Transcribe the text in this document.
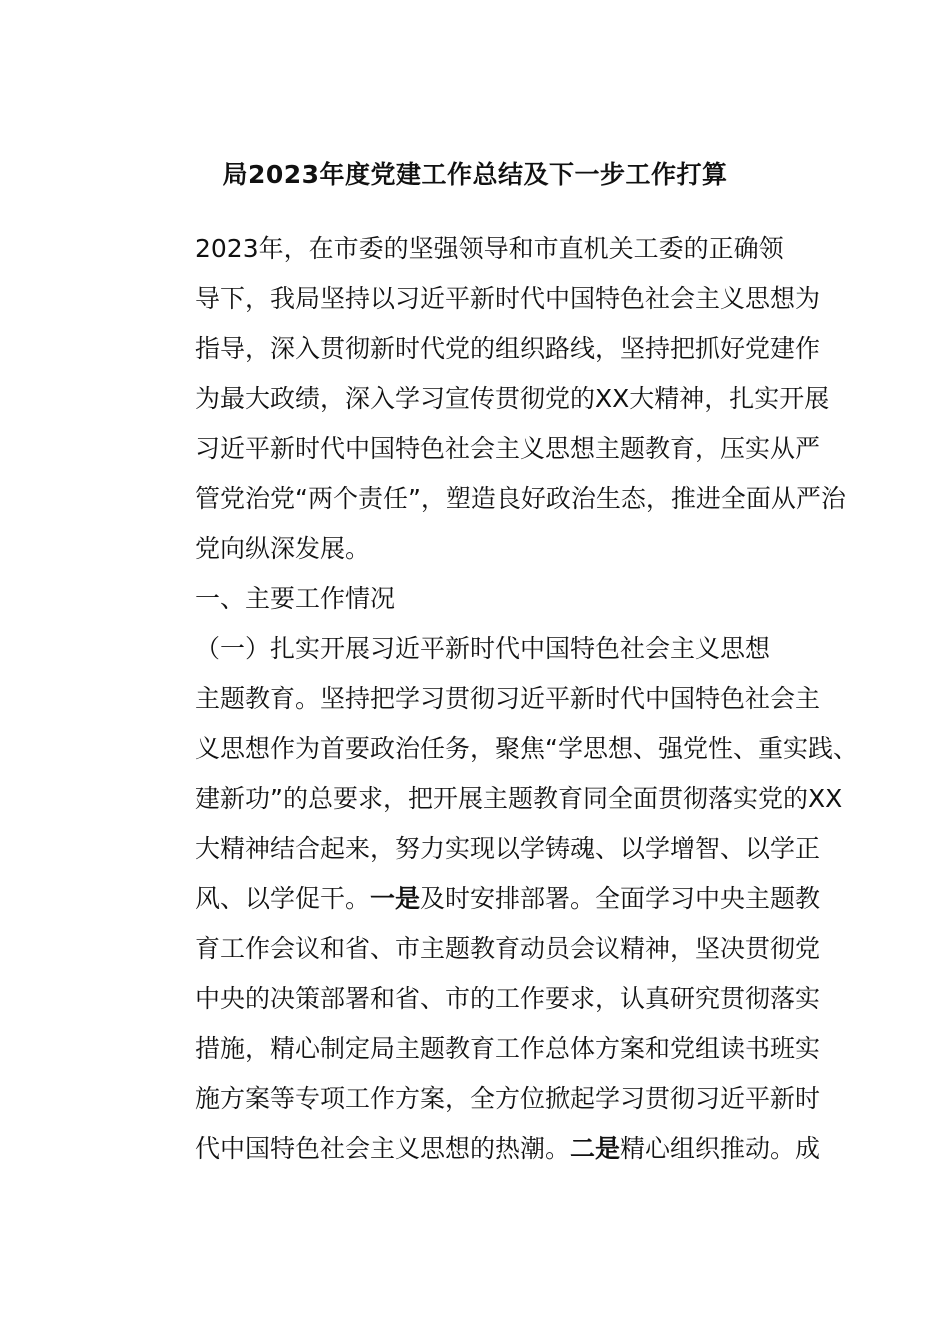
局2023年度党建工作总结及下一步工作打算

2023年，在市委的坚强领导和市直机关工委的正确领
导下，我局坚持以习近平新时代中国特色社会主义思想为
指导，深入贯彻新时代党的组织路线，坚持把抓好党建作
为最大政绩，深入学习宣传贯彻党的XX大精神，扎实开展
习近平新时代中国特色社会主义思想主题教育，压实从严
管党治党“两个责任”，塑造良好政治生态，推进全面从严治
党向纵深发展。

一、主要工作情况

（一）扎实开展习近平新时代中国特色社会主义思想
主题教育。坚持把学习贯彻习近平新时代中国特色社会主
义思想作为首要政治任务，聚焦“学思想、强党性、重实践、
建新功”的总要求，把开展主题教育同全面贯彻落实党的XX
大精神结合起来，努力实现以学铸魂、以学增智、以学正
风、以学促干。一是及时安排部署。全面学习中央主题教
育工作会议和省、市主题教育动员会议精神，坚决贯彻党
中央的决策部署和省、市的工作要求，认真研究贯彻落实
措施，精心制定局主题教育工作总体方案和党组读书班实
施方案等专项工作方案，全方位掀起学习贯彻习近平新时
代中国特色社会主义思想的热潮。二是精心组织推动。成
